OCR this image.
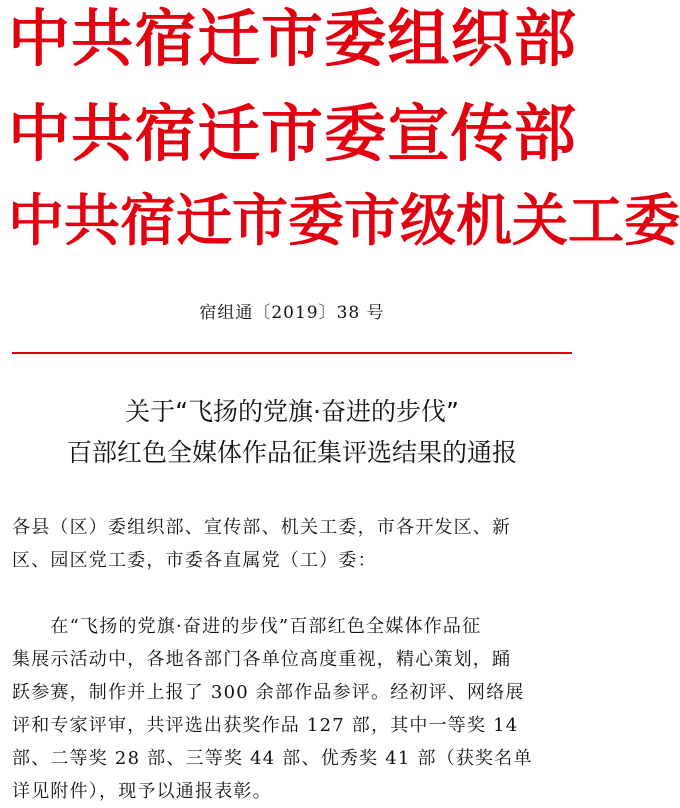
中 共 宿 迁 市 委 组 织 部
中 共 宿 迁 市 委 宣 传 部
中 共 宿 迁 市 委 市 级 机 关 工 委
宿组通〔2019〕38 号
关于“飞扬的党旗·奋进的步伐”
百部红色全媒体作品征集评选结果的通报
各县（区）委组织部、宣传部、机关工委，市各开发区、新
区、园区党工委，市委各直属党（工）委：
　　在“飞扬的党旗·奋进的步伐”百部红色全媒体作品征
集展示活动中，各地各部门各单位高度重视，精心策划，踊
跃参赛，制作并上报了 300 余部作品参评。经初评、网络展
评和专家评审，共评选出获奖作品 127 部，其中一等奖 14
部、二等奖 28 部、三等奖 44 部、优秀奖 41 部（获奖名单
详见附件），现予以通报表彰。
